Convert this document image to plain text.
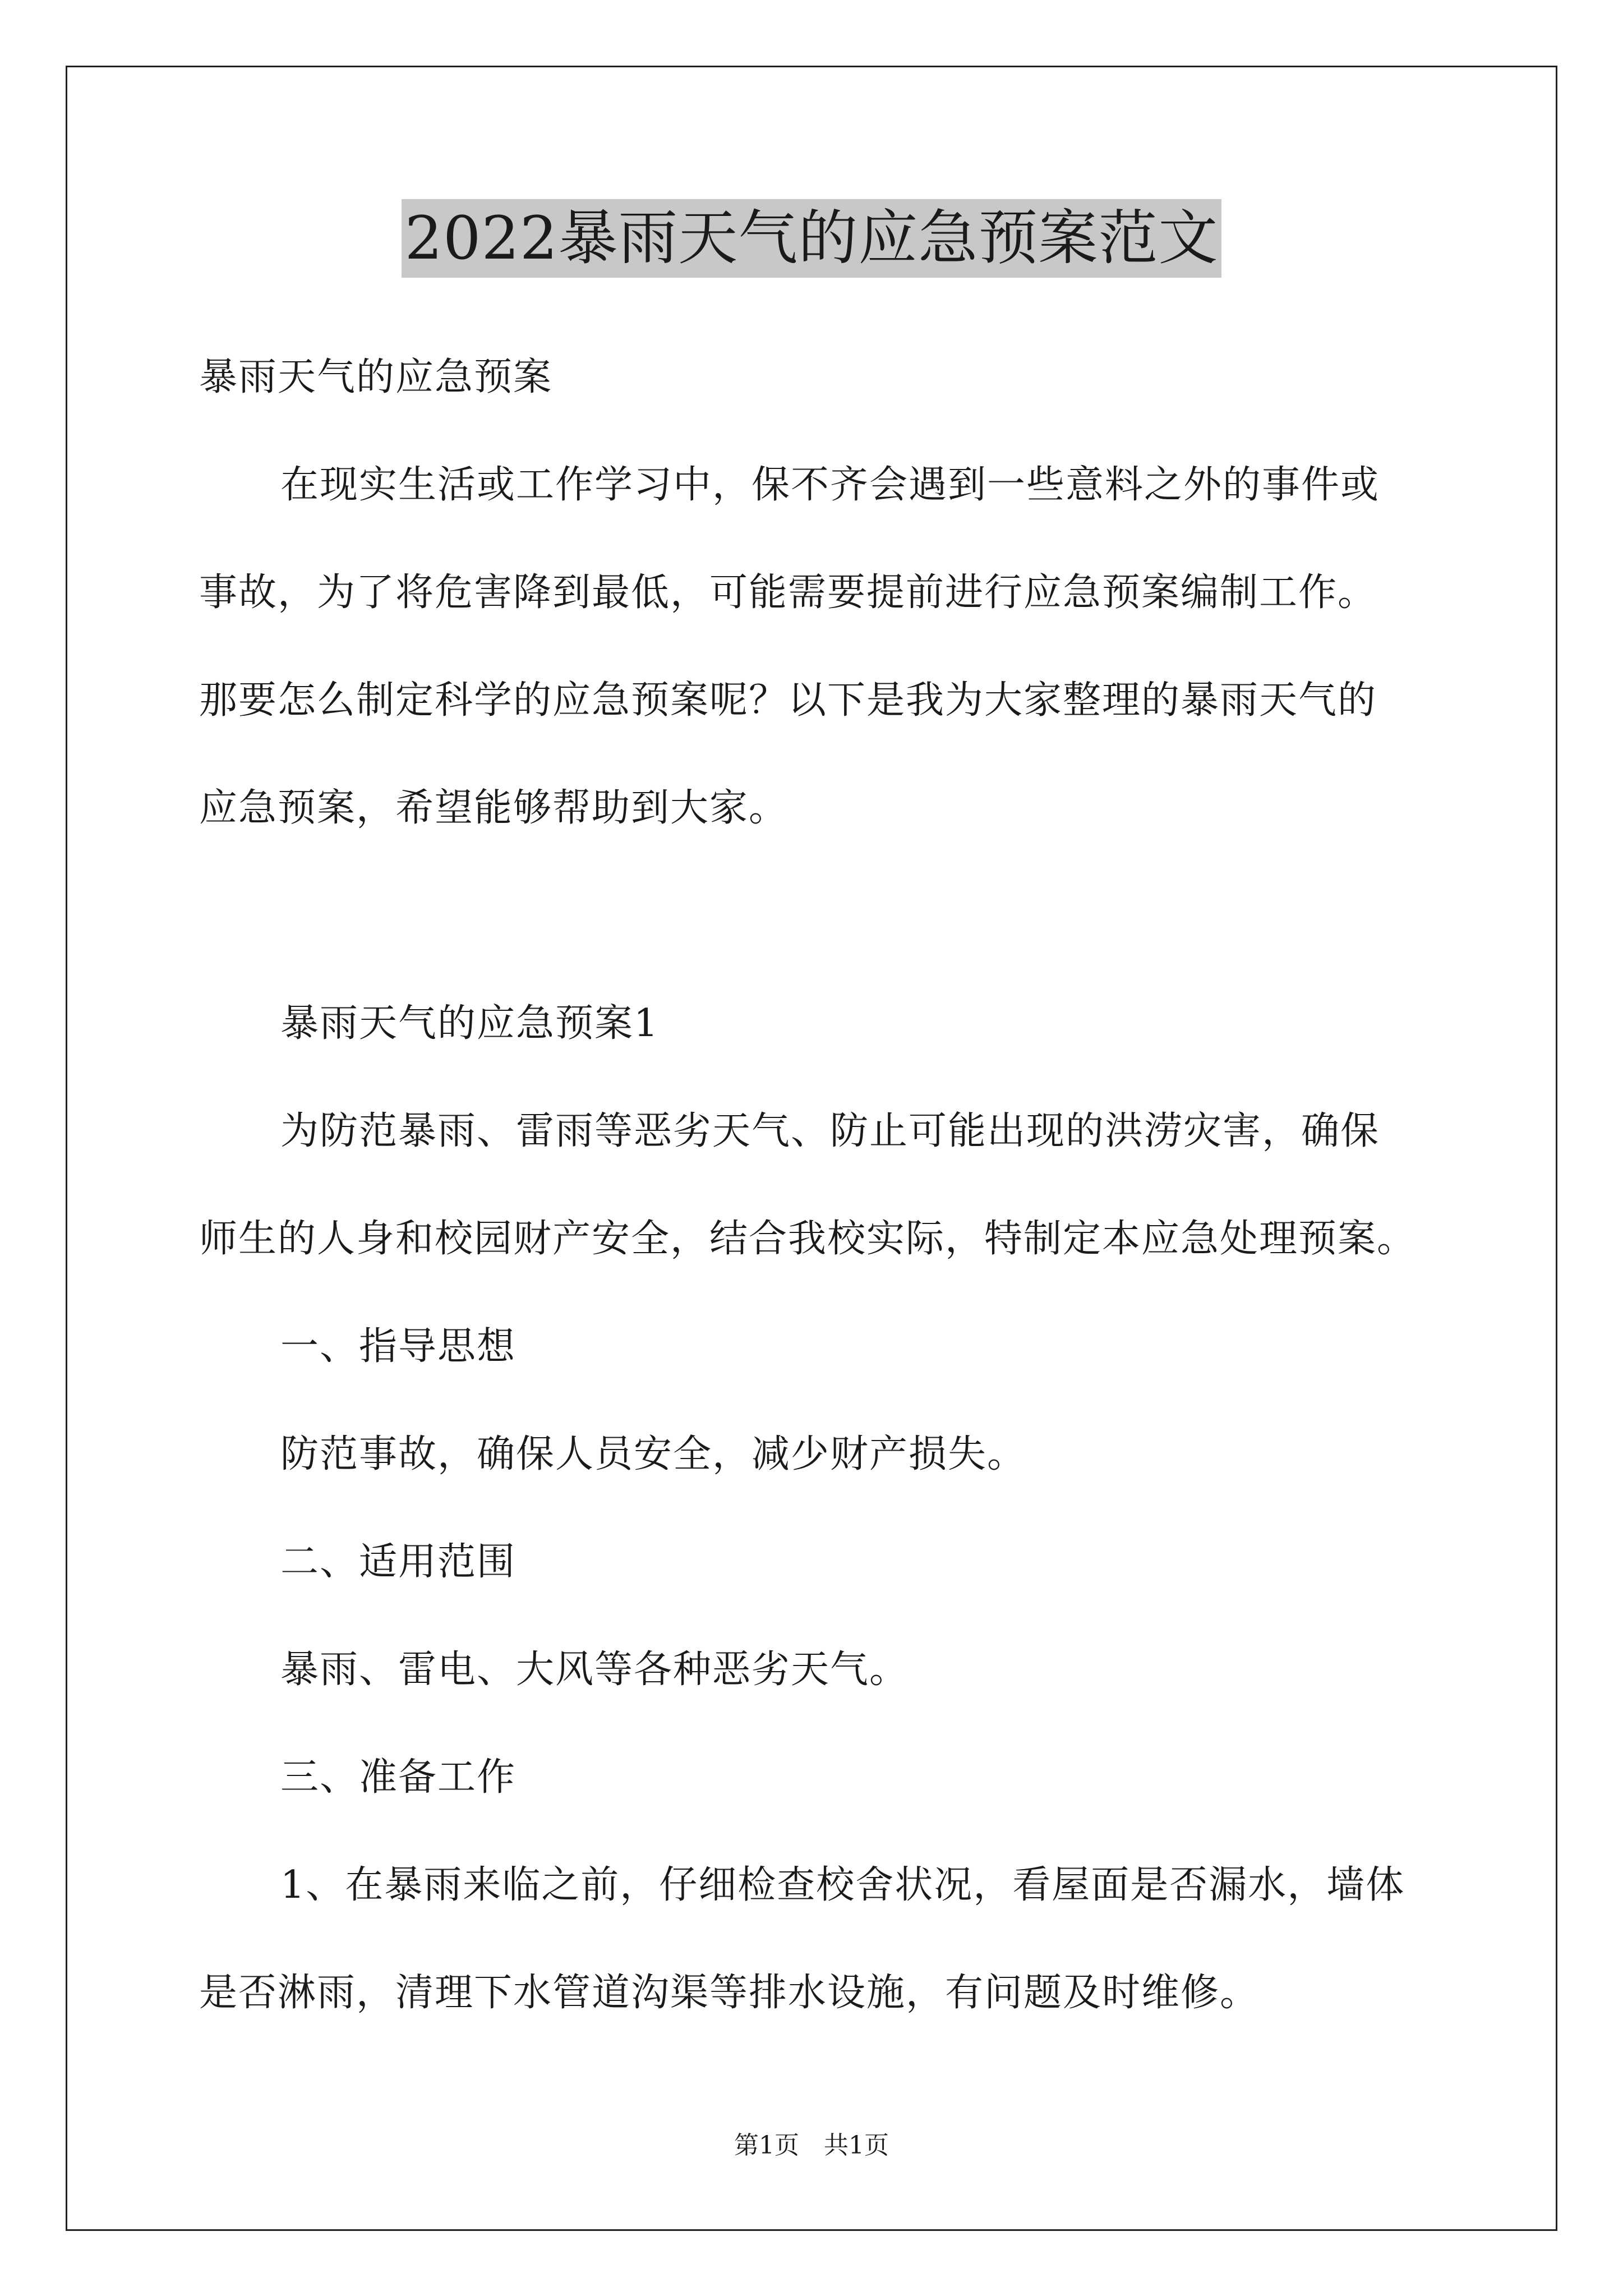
2022暴雨天气的应急预案范文
暴雨天气的应急预案
在现实生活或工作学习中，保不齐会遇到一些意料之外的事件或
事故，为了将危害降到最低，可能需要提前进行应急预案编制工作。
那要怎么制定科学的应急预案呢？以下是我为大家整理的暴雨天气的
应急预案，希望能够帮助到大家。
暴雨天气的应急预案1
为防范暴雨、雷雨等恶劣天气、防止可能出现的洪涝灾害，确保
师生的人身和校园财产安全，结合我校实际，特制定本应急处理预案。
一、指导思想
防范事故，确保人员安全，减少财产损失。
二、适用范围
暴雨、雷电、大风等各种恶劣天气。
三、准备工作
1、在暴雨来临之前，仔细检查校舍状况，看屋面是否漏水，墙体
是否淋雨，清理下水管道沟渠等排水设施，有问题及时维修。
第1页　共1页
